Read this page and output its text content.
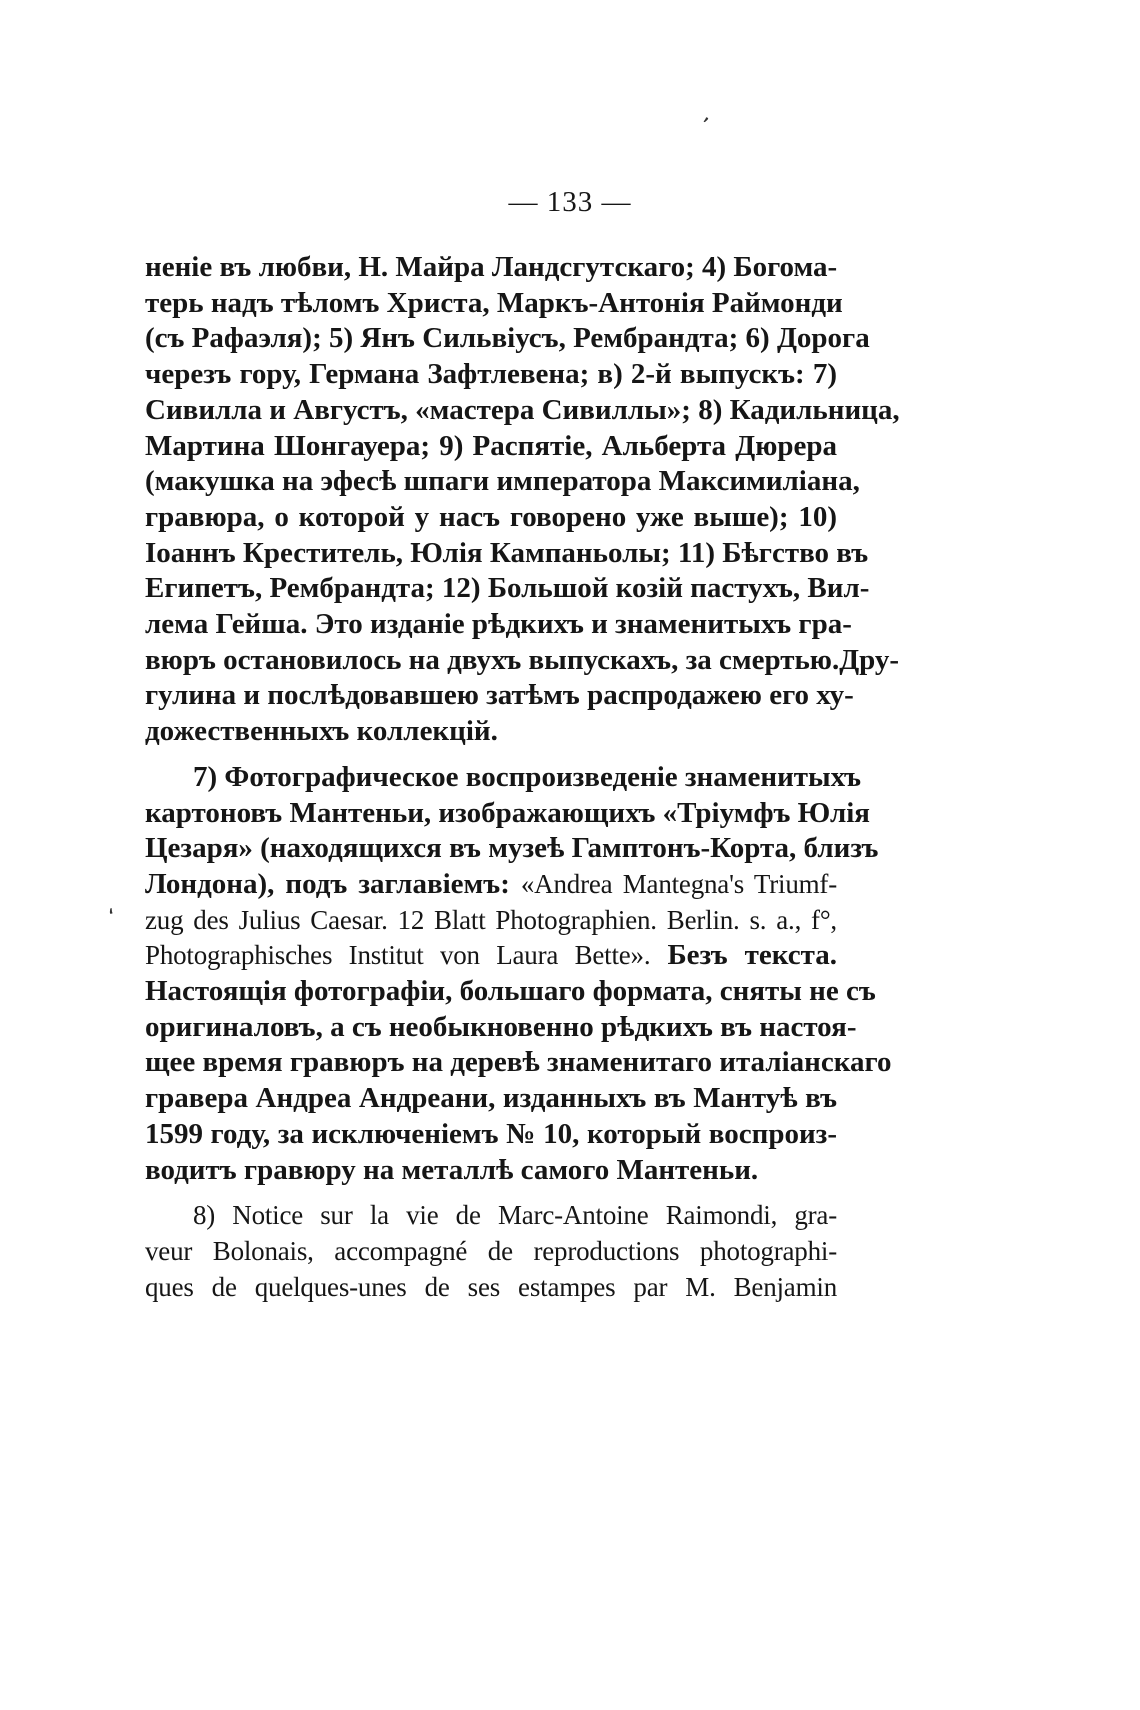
ʼ
ʻ
— 133 —
неніе въ любви, Н. Майра Ландсгутскаго; 4) Богома-
терь надъ тѣломъ Христа, Маркъ-Антонія Раймонди
(съ Рафаэля); 5) Янъ Сильвіусъ, Рембрандта; 6) Дорога
черезъ гору, Германа Зафтлевена; в) 2-й выпускъ: 7)
Сивилла и Августъ, «мастера Сивиллы»; 8) Кадильница,
Мартина Шонгауера; 9) Распятіе, Альберта Дюрера
(макушка на эфесѣ шпаги императора Максимиліана,
гравюра, о которой у насъ говорено уже выше); 10)
Іоаннъ Креститель, Юлія Кампаньолы; 11) Бѣгство въ
Египетъ, Рембрандта; 12) Большой козій пастухъ, Вил-
лема Гейша. Это изданіе рѣдкихъ и знаменитыхъ гра-
вюръ остановилось на двухъ выпускахъ, за смертью.Дру-
гулина и послѣдовавшею затѣмъ распродажею его ху-
дожественныхъ коллекцій.
7) Фотографическое воспроизведеніе знаменитыхъ
картоновъ Мантеньи, изображающихъ «Тріумфъ Юлія
Цезаря» (находящихся въ музеѣ Гамптонъ-Корта, близъ
Лондона), подъ заглавіемъ: «Andrea Mantegna's Triumf-
zug des Julius Caesar. 12 Blatt Photographien. Berlin. s. a., f°,
Photographisches Institut von Laura Bette». Безъ текста.
Настоящія фотографіи, большаго формата, сняты не съ
оригиналовъ, а съ необыкновенно рѣдкихъ въ настоя-
щее время гравюръ на деревѣ знаменитаго италіанскаго
гравера Андреа Андреани, изданныхъ въ Мантуѣ въ
1599 году, за исключеніемъ № 10, который воспроиз-
водитъ гравюру на металлѣ самого Мантеньи.
8) Notice sur la vie de Marc-Antoine Raimondi, gra-
veur Bolonais, accompagné de reproductions photographi-
ques de quelques-unes de ses estampes par M. Benjamin
